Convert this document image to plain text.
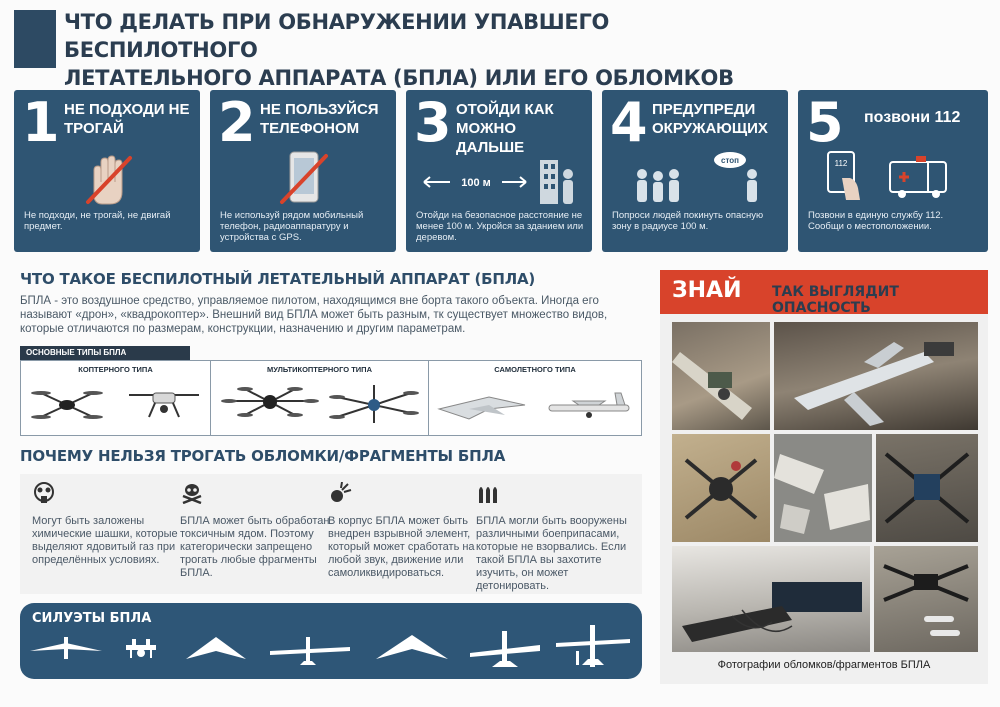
ЧТО ДЕЛАТЬ ПРИ ОБНАРУЖЕНИИ УПАВШЕГО БЕСПИЛОТНОГО
ЛЕТАТЕЛЬНОГО АППАРАТА (БПЛА) ИЛИ ЕГО ОБЛОМКОВ
1 НЕ ПОДХОДИ НЕ ТРОГАЙ
Не подходи, не трогай, не двигай предмет.
2 НЕ ПОЛЬЗУЙСЯ ТЕЛЕФОНОМ
Не используй рядом мобильный телефон, радиоаппаратуру и устройства с GPS.
3 ОТОЙДИ КАК МОЖНО ДАЛЬШЕ
100 м
Отойди на безопасное расстояние не менее 100 м. Укройся за зданием или деревом.
4 ПРЕДУПРЕДИ ОКРУЖАЮЩИХ
стоп
Попроси людей покинуть опасную зону в радиусе 100 м.
5 позвони 112
112
Позвони в единую службу 112. Сообщи о местоположении.
ЧТО ТАКОЕ БЕСПИЛОТНЫЙ ЛЕТАТЕЛЬНЫЙ АППАРАТ (БПЛА)
БПЛА - это воздушное средство, управляемое пилотом, находящимся вне борта такого объекта. Иногда его называют «дрон», «квадрокоптер». Внешний вид БПЛА может быть разным, тк существует множество видов, которые отличаются по размерам, конструкции, назначению и другим параметрам.
ОСНОВНЫЕ ТИПЫ БПЛА
КОПТЕРНОГО ТИПА	МУЛЬТИКОПТЕРНОГО ТИПА	САМОЛЕТНОГО ТИПА
ПОЧЕМУ НЕЛЬЗЯ ТРОГАТЬ ОБЛОМКИ/ФРАГМЕНТЫ БПЛА
Могут быть заложены химические шашки, которые выделяют ядовитый газ при определённых условиях.
БПЛА может быть обработан токсичным ядом. Поэтому категорически запрещено трогать любые фрагменты БПЛА.
В корпус БПЛА может быть внедрен взрывной элемент, который может сработать на любой звук, движение или самоликвидироваться.
БПЛА могли быть вооружены различными боеприпасами, которые не взорвались. Если такой БПЛА вы захотите изучить, он может детонировать.
СИЛУЭТЫ БПЛА
ЗНАЙ ТАК ВЫГЛЯДИТ ОПАСНОСТЬ
Фотографии обломков/фрагментов БПЛА
